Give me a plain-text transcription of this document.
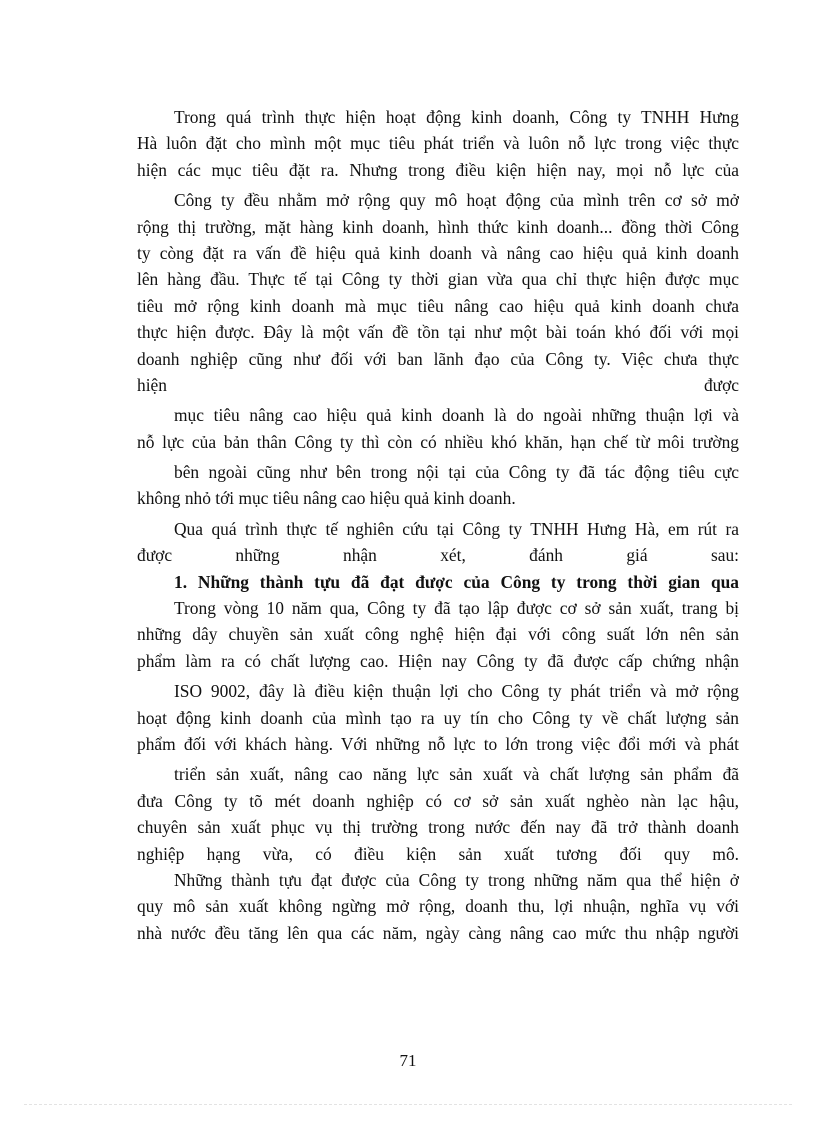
Trong quá trình thực hiện hoạt động kinh doanh, Công ty TNHH Hưng
Hà luôn đặt cho mình một mục tiêu phát triển và luôn nỗ lực trong việc thực
hiện các mục tiêu đặt ra. Nhưng trong điều kiện hiện nay, mọi nỗ lực của
Công ty đều nhằm mở rộng quy mô hoạt động của mình trên cơ sở mở
rộng thị trường, mặt hàng kinh doanh, hình thức kinh doanh... đồng thời Công
ty còng đặt ra vấn đề hiệu quả kinh doanh và nâng cao hiệu quả kinh doanh
lên hàng đầu. Thực tế tại Công ty thời gian vừa qua chỉ thực hiện được mục
tiêu mở rộng kinh doanh mà mục tiêu nâng cao hiệu quả kinh doanh chưa
thực hiện được. Đây là một vấn đề tồn tại như một bài toán khó đối với mọi
doanh nghiệp cũng như đối với ban lãnh đạo của Công ty. Việc chưa thực
hiện được
mục tiêu nâng cao hiệu quả kinh doanh là do ngoài những thuận lợi và
nỗ lực của bản thân Công ty thì còn có nhiều khó khăn, hạn chế từ môi trường
bên ngoài cũng như bên trong nội tại của Công ty đã tác động tiêu cực
không nhỏ tới mục tiêu nâng cao hiệu quả kinh doanh.
Qua quá trình thực tế nghiên cứu tại Công ty TNHH Hưng Hà, em rút ra
được những nhận xét, đánh giá sau:
1. Những thành tựu đã đạt được của Công ty trong thời gian qua
Trong vòng 10 năm qua, Công ty đã tạo lập được cơ sở sản xuất, trang bị
những dây chuyền sản xuất công nghệ hiện đại với công suất lớn nên sản
phẩm làm ra có chất lượng cao. Hiện nay Công ty đã được cấp chứng nhận
ISO 9002, đây là điều kiện thuận lợi cho Công ty phát triển và mở rộng
hoạt động kinh doanh của mình tạo ra uy tín cho Công ty về chất lượng sản
phẩm đối với khách hàng. Với những nỗ lực to lớn trong việc đổi mới và phát
triển sản xuất, nâng cao năng lực sản xuất và chất lượng sản phẩm đã
đưa Công ty tõ mét doanh nghiệp có cơ sở sản xuất nghèo nàn lạc hậu,
chuyên sản xuất phục vụ thị trường trong nước đến nay đã trở thành doanh
nghiệp hạng vừa, có điều kiện sản xuất tương đối quy mô.
Những thành tựu đạt được của Công ty trong những năm qua thể hiện ở
quy mô sản xuất không ngừng mở rộng, doanh thu, lợi nhuận, nghĩa vụ với
nhà nước đều tăng lên qua các năm, ngày càng nâng cao mức thu nhập người
71
